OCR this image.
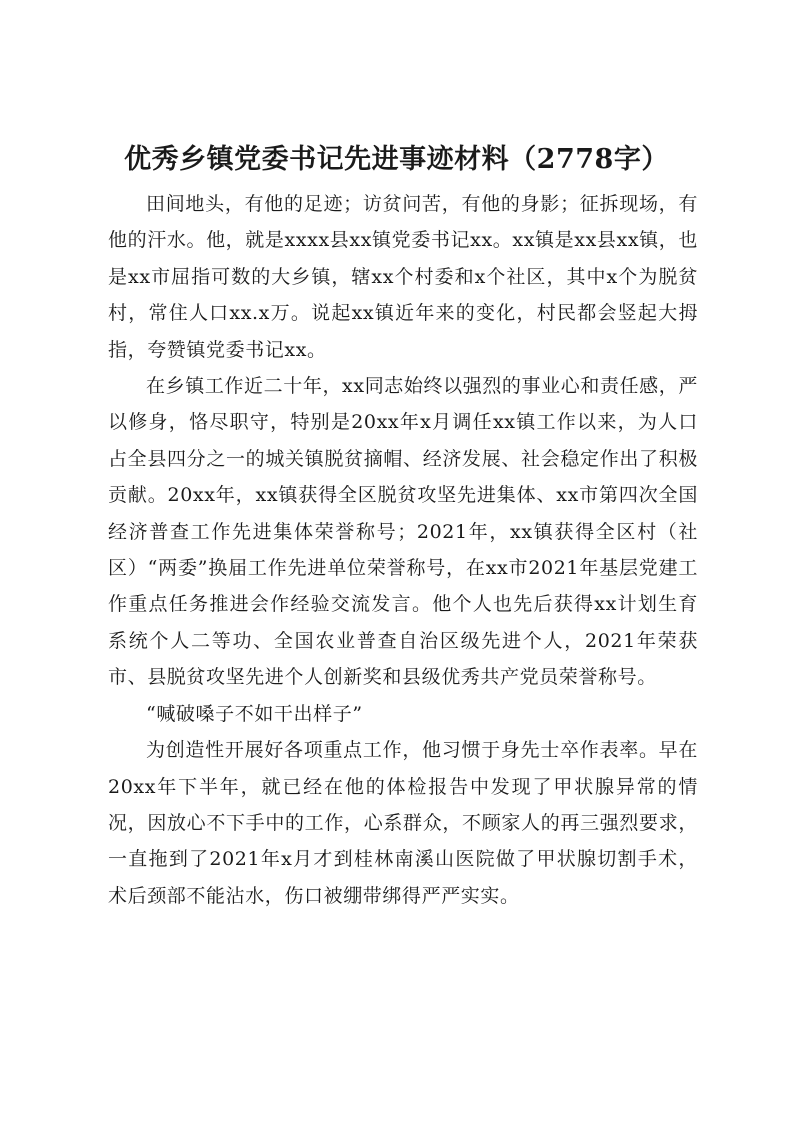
优秀乡镇党委书记先进事迹材料（2778字）

田间地头，有他的足迹；访贫问苦，有他的身影；征拆现场，有他的汗水。他，就是xxxx县xx镇党委书记xx。xx镇是xx县xx镇，也是xx市屈指可数的大乡镇，辖xx个村委和x个社区，其中x个为脱贫村，常住人口xx.x万。说起xx镇近年来的变化，村民都会竖起大拇指，夸赞镇党委书记xx。

在乡镇工作近二十年，xx同志始终以强烈的事业心和责任感，严以修身，恪尽职守，特别是20xx年x月调任xx镇工作以来，为人口占全县四分之一的城关镇脱贫摘帽、经济发展、社会稳定作出了积极贡献。20xx年，xx镇获得全区脱贫攻坚先进集体、xx市第四次全国经济普查工作先进集体荣誉称号；2021年，xx镇获得全区村（社区）“两委”换届工作先进单位荣誉称号，在xx市2021年基层党建工作重点任务推进会作经验交流发言。他个人也先后获得xx计划生育系统个人二等功、全国农业普查自治区级先进个人，2021年荣获市、县脱贫攻坚先进个人创新奖和县级优秀共产党员荣誉称号。

“喊破嗓子不如干出样子”

为创造性开展好各项重点工作，他习惯于身先士卒作表率。早在20xx年下半年，就已经在他的体检报告中发现了甲状腺异常的情况，因放心不下手中的工作，心系群众，不顾家人的再三强烈要求，一直拖到了2021年x月才到桂林南溪山医院做了甲状腺切割手术，术后颈部不能沾水，伤口被绷带绑得严严实实。
